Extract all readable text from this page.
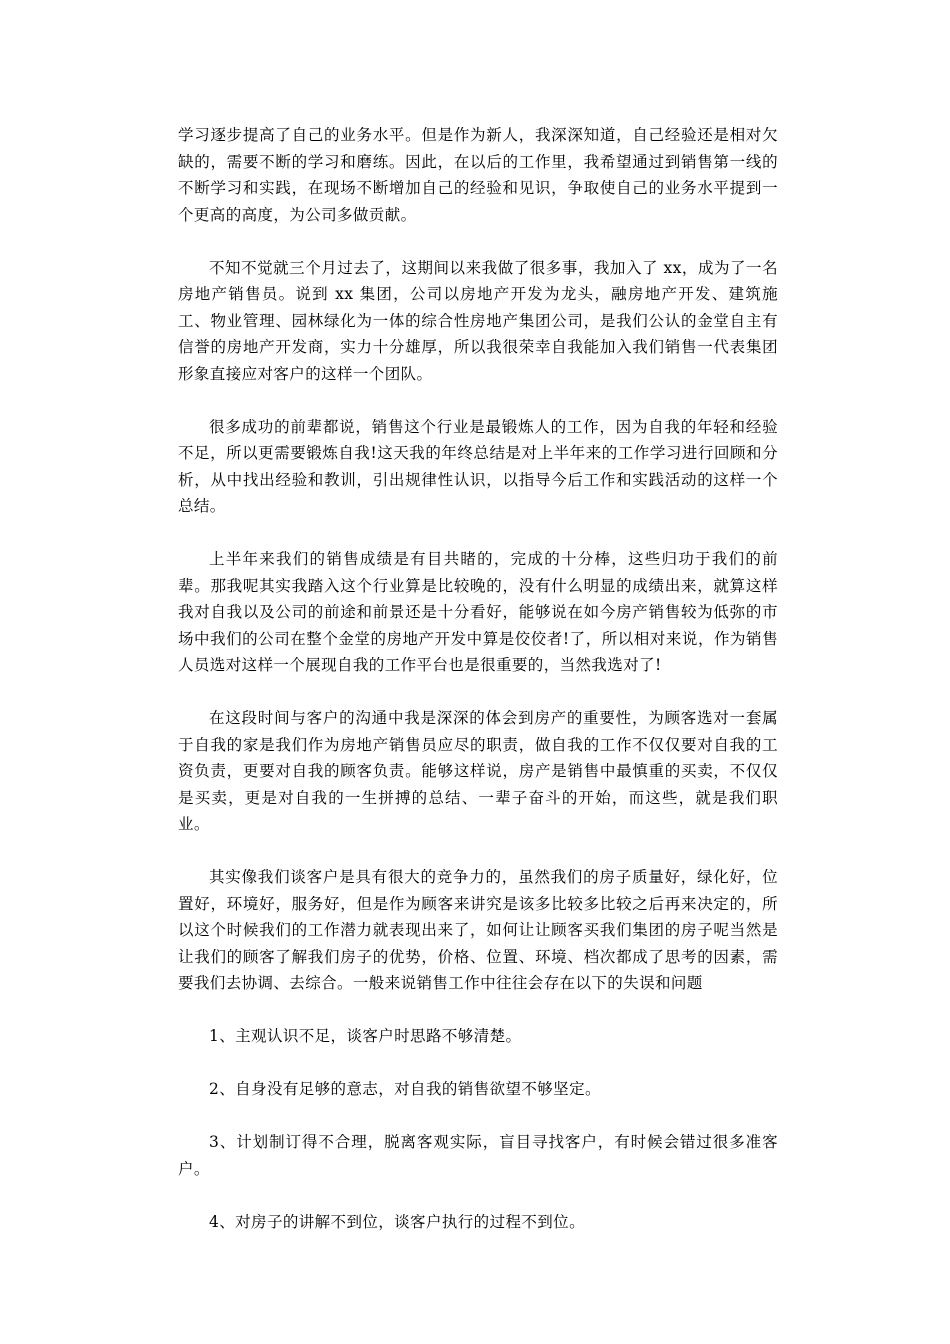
学习逐步提高了自己的业务水平。但是作为新人，我深深知道，自己经验还是相对欠缺的，需要不断的学习和磨练。因此，在以后的工作里，我希望通过到销售第一线的不断学习和实践，在现场不断增加自己的经验和见识，争取使自己的业务水平提到一个更高的高度，为公司多做贡献。

不知不觉就三个月过去了，这期间以来我做了很多事，我加入了 xx，成为了一名房地产销售员。说到 xx 集团，公司以房地产开发为龙头，融房地产开发、建筑施工、物业管理、园林绿化为一体的综合性房地产集团公司，是我们公认的金堂自主有信誉的房地产开发商，实力十分雄厚，所以我很荣幸自我能加入我们销售一代表集团形象直接应对客户的这样一个团队。

很多成功的前辈都说，销售这个行业是最锻炼人的工作，因为自我的年轻和经验不足，所以更需要锻炼自我!这天我的年终总结是对上半年来的工作学习进行回顾和分析，从中找出经验和教训，引出规律性认识，以指导今后工作和实践活动的这样一个总结。

上半年来我们的销售成绩是有目共睹的，完成的十分棒，这些归功于我们的前辈。那我呢其实我踏入这个行业算是比较晚的，没有什么明显的成绩出来，就算这样我对自我以及公司的前途和前景还是十分看好，能够说在如今房产销售较为低弥的市场中我们的公司在整个金堂的房地产开发中算是佼佼者!了，所以相对来说，作为销售人员选对这样一个展现自我的工作平台也是很重要的，当然我选对了!

在这段时间与客户的沟通中我是深深的体会到房产的重要性，为顾客选对一套属于自我的家是我们作为房地产销售员应尽的职责，做自我的工作不仅仅要对自我的工资负责，更要对自我的顾客负责。能够这样说，房产是销售中最慎重的买卖，不仅仅是买卖，更是对自我的一生拼搏的总结、一辈子奋斗的开始，而这些，就是我们职业。

其实像我们谈客户是具有很大的竞争力的，虽然我们的房子质量好，绿化好，位置好，环境好，服务好，但是作为顾客来讲究是该多比较多比较之后再来决定的，所以这个时候我们的工作潜力就表现出来了，如何让让顾客买我们集团的房子呢当然是让我们的顾客了解我们房子的优势，价格、位置、环境、档次都成了思考的因素，需要我们去协调、去综合。一般来说销售工作中往往会存在以下的失误和问题

1、主观认识不足，谈客户时思路不够清楚。

2、自身没有足够的意志，对自我的销售欲望不够坚定。

3、计划制订得不合理，脱离客观实际，盲目寻找客户，有时候会错过很多准客户。

4、对房子的讲解不到位，谈客户执行的过程不到位。
